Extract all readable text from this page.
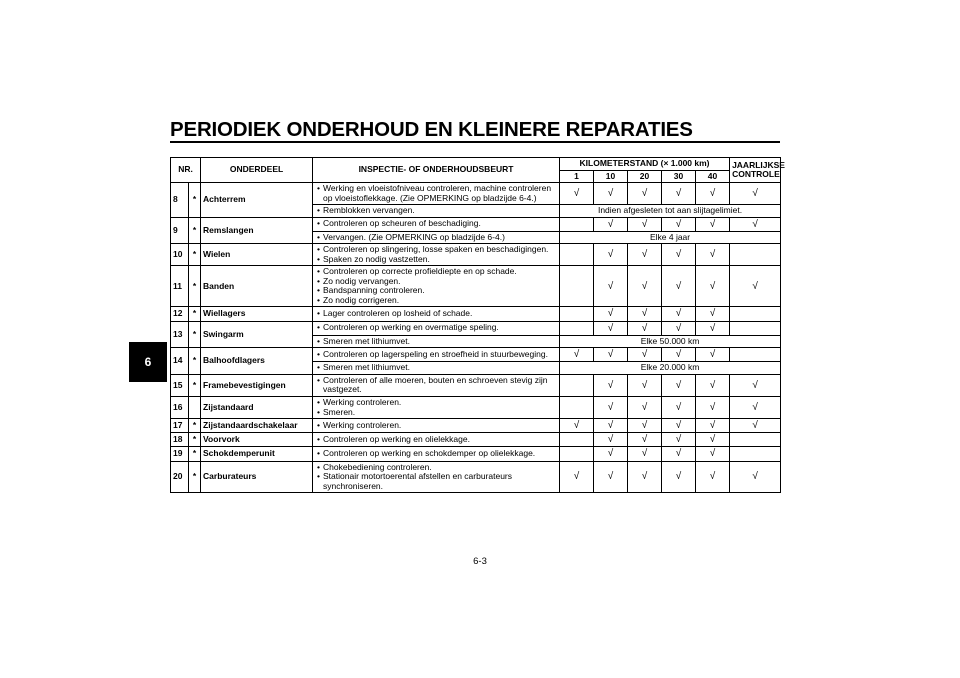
PERIODIEK ONDERHOUD EN KLEINERE REPARATIES
6
NR.		ONDERDEEL	INSPECTIE- OF ONDERHOUDSBEURT	KILOMETERSTAND (× 1.000 km)					JAARLIJKSE CONTROLE
				1	10	20	30	40	
8	*	Achterrem	• Werking en vloeistofniveau controleren, machine controleren op vloeistoflekkage. (Zie OPMERKING op bladzijde 6-4.)	√	√	√	√	√	√

			• Remblokken vervangen.	Indien afgesleten tot aan slijtagelimiet.					
9	*	Remslangen	• Controleren op scheuren of beschadiging.		√	√	√	√	√

			• Vervangen. (Zie OPMERKING op bladzijde 6-4.)	Elke 4 jaar					
10	*	Wielen	• Controleren op slingering, losse spaken en beschadigingen.
• Spaken zo nodig vastzetten.		√	√	√	√	
11	*	Banden	• Controleren op correcte profieldiepte en op schade.
• Zo nodig vervangen.
• Bandspanning controleren.
• Zo nodig corrigeren.		√	√	√	√	√
12	*	Wiellagers	• Lager controleren op losheid of schade.		√	√	√	√	
13	*	Swingarm	• Controleren op werking en overmatige speling.		√	√	√	√	

			• Smeren met lithiumvet.	Elke 50.000 km					
14	*	Balhoofdlagers	• Controleren op lagerspeling en stroefheid in stuurbeweging.	√	√	√	√	√	

			• Smeren met lithiumvet.	Elke 20.000 km					
15	*	Framebevestigingen	• Controleren of alle moeren, bouten en schroeven stevig zijn vastgezet.		√	√	√	√	√
16		Zijstandaard	• Werking controleren.
• Smeren.		√	√	√	√	√
17	*	Zijstandaardschakelaar	• Werking controleren.	√	√	√	√	√	√
18	*	Voorvork	• Controleren op werking en olielekkage.		√	√	√	√	
19	*	Schokdemperunit	• Controleren op werking en schokdemper op olielekkage.		√	√	√	√	
20	*	Carburateurs	• Chokebediening controleren.
• Stationair motortoerental afstellen en carburateurs synchroniseren.	√	√	√	√	√	√
6-3
